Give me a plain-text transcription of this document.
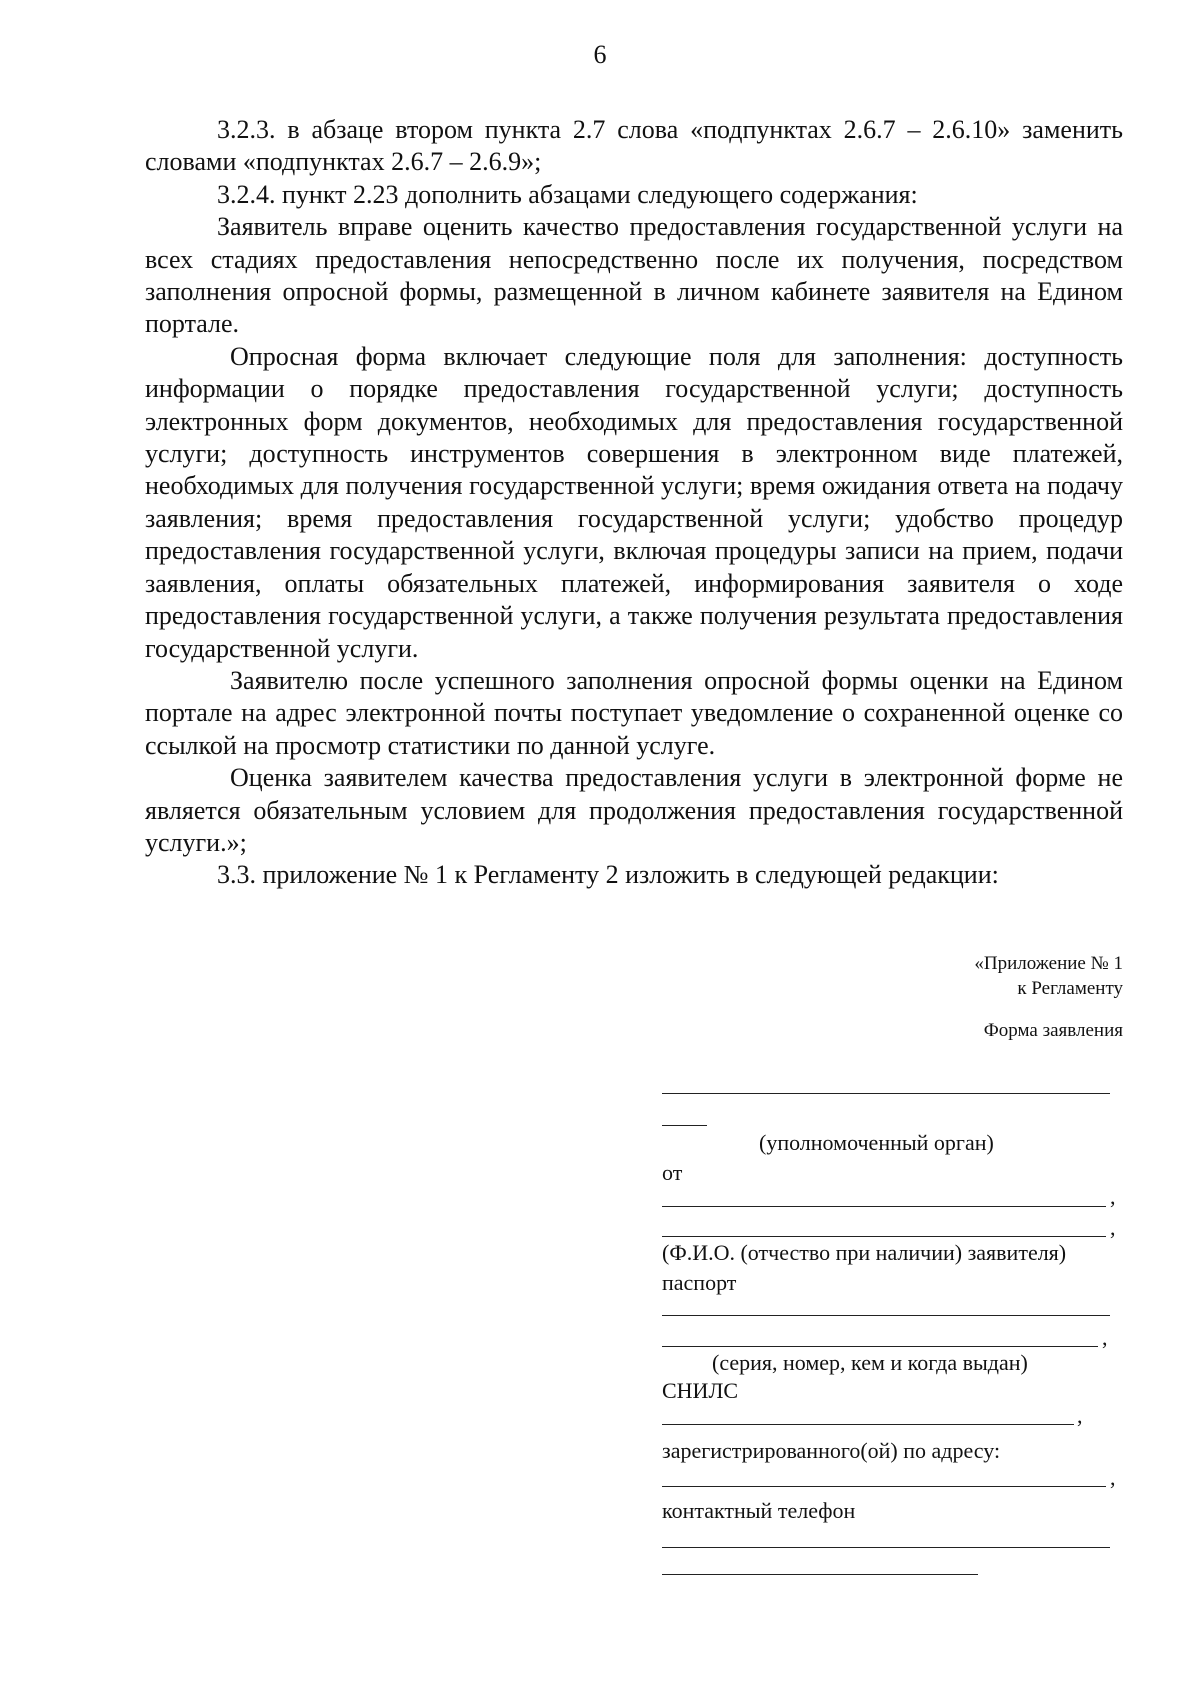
6

3.2.3. в абзаце втором пункта 2.7 слова «подпунктах 2.6.7 – 2.6.10» заменить словами «подпунктах 2.6.7 – 2.6.9»;

3.2.4. пункт 2.23 дополнить абзацами следующего содержания:

Заявитель вправе оценить качество предоставления государственной услуги на всех стадиях предоставления непосредственно после их получения, посредством заполнения опросной формы, размещенной в личном кабинете заявителя на Едином портале.

Опросная форма включает следующие поля для заполнения: доступность информации о порядке предоставления государственной услуги; доступность электронных форм документов, необходимых для предоставления государственной услуги; доступность инструментов совершения в электронном виде платежей, необходимых для получения государственной услуги; время ожидания ответа на подачу заявления; время предоставления государственной услуги; удобство процедур предоставления государственной услуги, включая процедуры записи на прием, подачи заявления, оплаты обязательных платежей, информирования заявителя о ходе предоставления государственной услуги, а также получения результата предоставления государственной услуги.

Заявителю после успешного заполнения опросной формы оценки на Едином портале на адрес электронной почты поступает уведомление о сохраненной оценке со ссылкой на просмотр статистики по данной услуге.

Оценка заявителем качества предоставления услуги в электронной форме не является обязательным условием для продолжения предоставления государственной услуги.»;

3.3. приложение № 1 к Регламенту 2 изложить в следующей редакции:

«Приложение № 1
к Регламенту
Форма заявления
(уполномоченный орган)
от
,
,
(Ф.И.О. (отчество при наличии) заявителя)
паспорт
,
(серия, номер, кем и когда выдан)
СНИЛС
,
зарегистрированного(ой) по адресу:
,
контактный телефон
